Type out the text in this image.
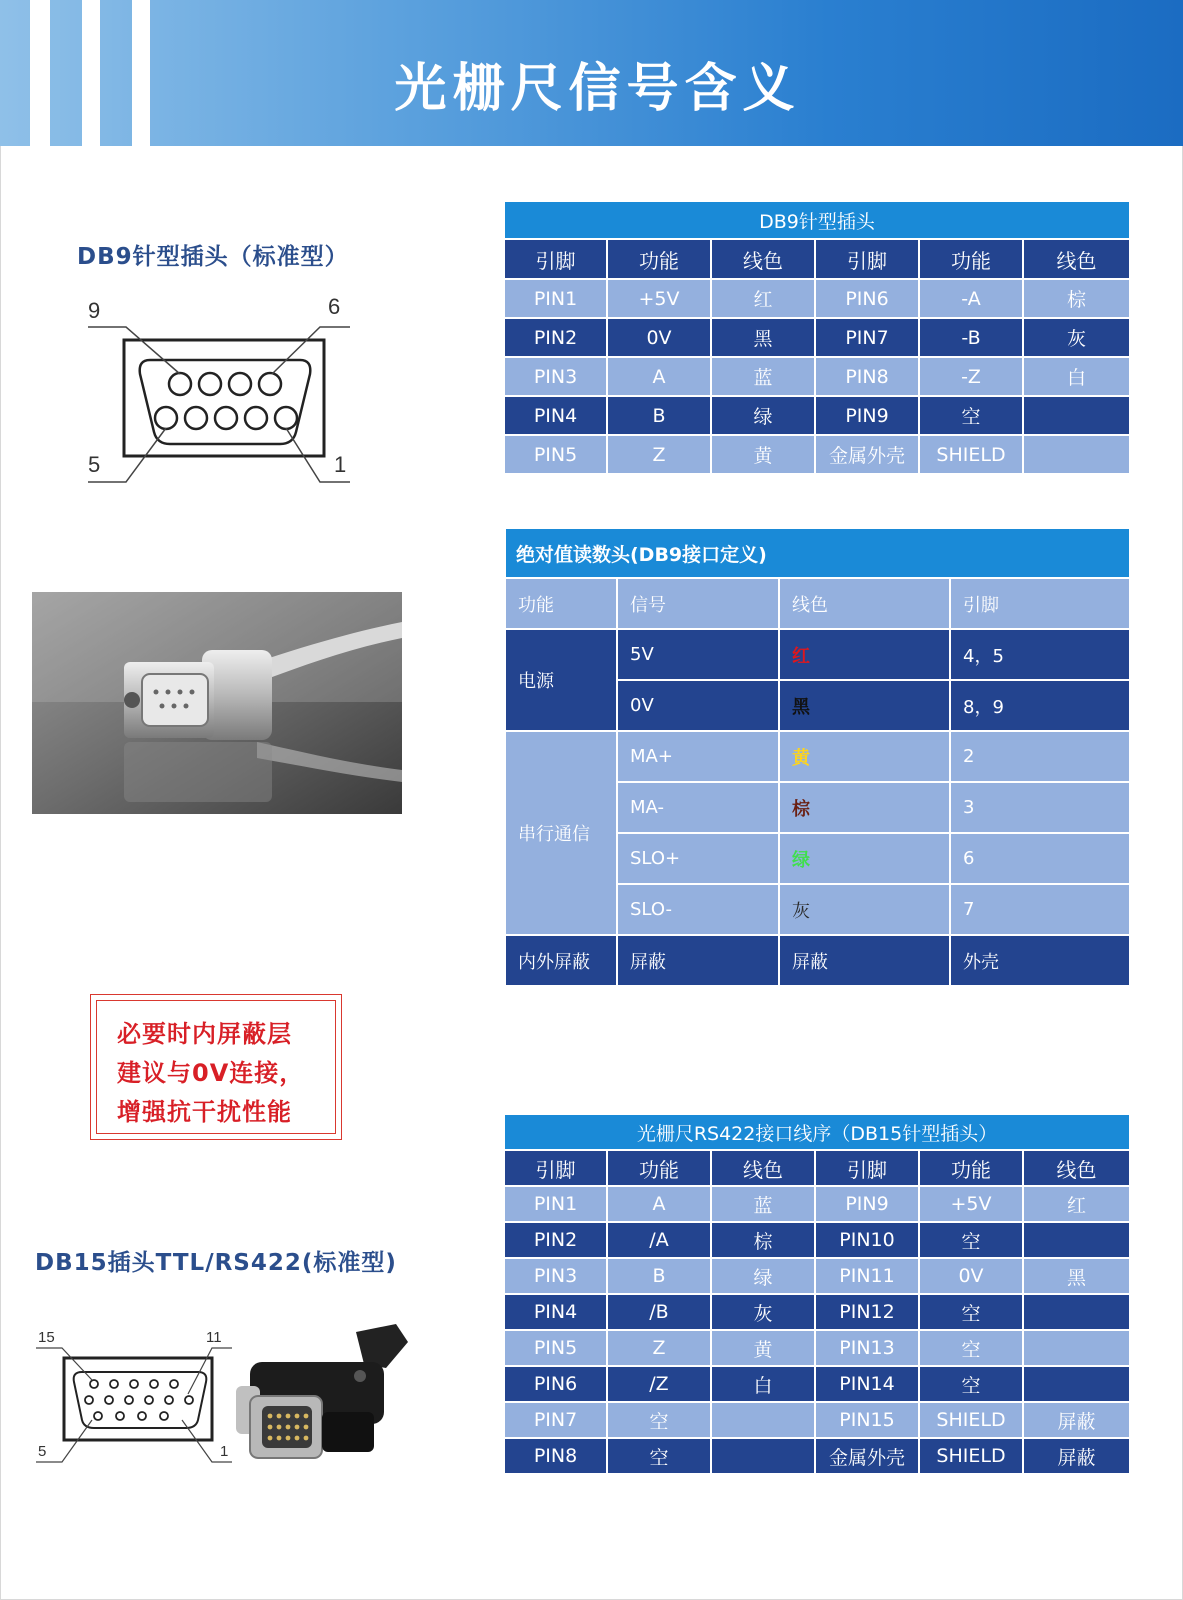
光栅尺信号含义
DB9针型插头（标准型）
9	6
5	1
DB9针型插头					
引脚	功能	线色	引脚	功能	线色
PIN1	+5V	红	PIN6	-A	棕
PIN2	0V	黑	PIN7	-B	灰
PIN3	A	蓝	PIN8	-Z	白
PIN4	B	绿	PIN9	空	
PIN5	Z	黄	金属外壳	SHIELD	
绝对值读数头(DB9接口定义)			
功能	信号	线色	引脚
电源	5V	红	4，5
	0V	黑	8，9
串行通信	MA+	黄	2
	MA-	棕	3
	SLO+	绿	6
	SLO-	灰	7
内外屏蔽	屏蔽	屏蔽	外壳
必要时内屏蔽层
建议与0V连接，
增强抗干扰性能
DB15插头TTL/RS422(标准型)
15	11
5	1
光栅尺RS422接口线序（DB15针型插头）					
引脚	功能	线色	引脚	功能	线色
PIN1	A	蓝	PIN9	+5V	红
PIN2	/A	棕	PIN10	空	
PIN3	B	绿	PIN11	0V	黑
PIN4	/B	灰	PIN12	空	
PIN5	Z	黄	PIN13	空	
PIN6	/Z	白	PIN14	空	
PIN7	空		PIN15	SHIELD	屏蔽
PIN8	空		金属外壳	SHIELD	屏蔽
